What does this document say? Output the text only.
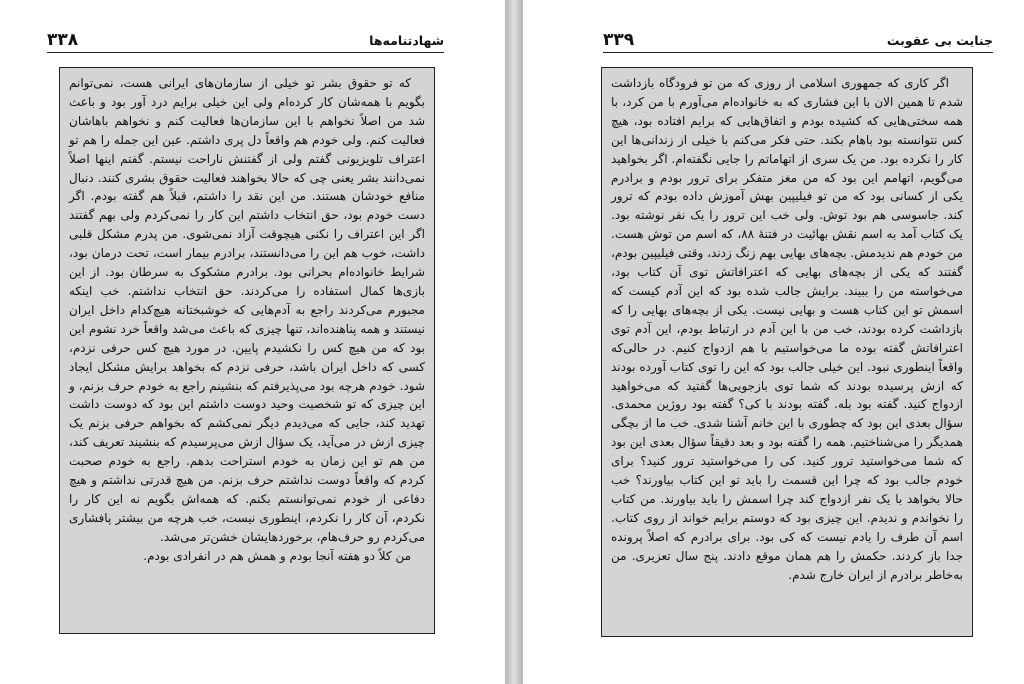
شهادتنامه‌ها
۳۳۸

که تو حقوق بشر تو خیلی از سازمان‌های ایرانی هست، نمی‌توانم بگویم با همه‌شان کار کرده‌ام ولی این خیلی برایم درد آور بود و باعث شد من اصلاً نخواهم با این سازمان‌ها فعالیت کنم و نخواهم باهاشان فعالیت کنم. ولی خودم هم واقعاً دل پری داشتم. عین این جمله را هم تو اعتراف تلویزیونی گفتم ولی از گفتنش ناراحت نیستم. گفتم اینها اصلاً نمی‌دانند بشر یعنی چی که حالا بخواهند فعالیت حقوق بشری کنند. دنبال منافع خودشان هستند. من این نقد را داشتم، قبلاً هم گفته بودم. اگر دست خودم بود، حق انتخاب داشتم این کار را نمی‌کردم ولی بهم گفتند اگر این اعتراف را نکنی هیچوقت آزاد نمی‌شوی. من پدرم مشکل قلبی داشت، خوب هم این را می‌دانستند، برادرم بیمار است، تحت درمان بود، شرایط خانواده‌ام بحرانی بود. برادرم مشکوک به سرطان بود. از این بازی‌ها کمال استفاده را می‌کردند. حق انتخاب نداشتم. خب اینکه مجبورم می‌کردند راجع به آدم‌هایی که خوشبختانه هیچ‌کدام داخل ایران نیستند و همه پناهنده‌اند، تنها چیزی که باعث می‌شد واقعاً خرد نشوم این بود که من هیچ کس را نکشیدم پایین. در مورد هیچ کس حرفی نزدم، کسی که داخل ایران باشد، حرفی نزدم که بخواهد برایش مشکل ایجاد شود. خودم هرچه بود می‌پذیرفتم که بنشینم راجع به خودم حرف بزنم، و این چیزی که تو شخصیت وحید دوست داشتم این بود که دوست داشت تهدید کند، جایی که می‌دیدم دیگر نمی‌کشم که بخواهم حرفی بزنم یک چیزی ازش در می‌آید، یک سؤال ازش می‌پرسیدم که بنشیند تعریف کند، من هم تو این زمان به خودم استراحت بدهم. راجع به خودم صحبت کردم که واقعاً دوست نداشتم حرف بزنم. من هیچ قدرتی نداشتم و هیچ دفاعی از خودم نمی‌توانستم بکنم. که همه‌اش بگویم نه این کار را نکردم، آن کار را نکردم، اینطوری نیست، خب هرچه من بیشتر پافشاری می‌کردم رو حرف‌هام، برخوردهایشان خشن‌تر می‌شد.

من کلاً دو هفته آنجا بودم و همش هم در انفرادی بودم.

جنایت بی عقوبت
۳۳۹

اگر کاری که جمهوری اسلامی از روزی که من تو فرودگاه بازداشت شدم تا همین الان با این فشاری که به خانواده‌ام می‌آورم با من کرد، با همه سختی‌هایی که کشیده بودم و اتفاق‌هایی که برایم افتاده بود، هیچ کس نتوانسته بود باهام بکند. حتی فکر می‌کنم با خیلی از زندانی‌ها این کار را نکرده بود. من یک سری از اتهاماتم را جایی نگفته‌ام. اگر بخواهید می‌گویم، اتهامم این بود که من مغز متفکر برای ترور بودم و برادرم یکی از کسانی بود که من تو فیلیپین بهش آموزش داده بودم که ترور کند. جاسوسی هم بود توش. ولی خب این ترور را یک نفر نوشته بود. یک کتاب آمد به اسم نقش بهائیت در فتنهٔ ۸۸، که اسم من توش هست. من خودم هم ندیدمش. بچه‌های بهایی بهم زنگ زدند، وقتی فیلیپین بودم، گفتند که یکی از بچه‌های بهایی که اعترافاتش توی آن کتاب بود، می‌خواسته من را ببیند. برایش جالب شده بود که این آدم کیست که اسمش تو این کتاب هست و بهایی نیست. یکی از بچه‌های بهایی را که بازداشت کرده بودند، خب من با این آدم در ارتباط بودم، این آدم توی اعترافاتش گفته بوده ما می‌خواستیم با هم ازدواج کنیم. در حالی‌که واقعاً اینطوری نبود. این خیلی جالب بود که این را توی کتاب آورده بودند که ازش پرسیده بودند که شما توی بازجویی‌ها گفتید که می‌خواهید ازدواج کنید. گفته بود بله. گفته بودند با کی؟ گفته بود روژین محمدی. سؤال بعدی این بود که چطوری با این خانم آشنا شدی. خب ما از بچگی همدیگر را می‌شناختیم. همه را گفته بود و بعد دقیقاً سؤال بعدی این بود که شما می‌خواستید ترور کنید. کی را می‌خواستید ترور کنید؟ برای خودم جالب بود که چرا این قسمت را باید تو این کتاب بیاورند؟ خب حالا بخواهد با یک نفر ازدواج کند چرا اسمش را باید بیاورند. من کتاب را نخواندم و ندیدم. این چیزی بود که دوستم برایم خواند از روی کتاب. اسم آن طرف را یادم نیست که کی بود. برای برادرم که اصلاً پرونده جدا باز کردند. حکمش را هم همان موقع دادند. پنج سال تعزیری. من به‌خاطر برادرم از ایران خارج شدم.
